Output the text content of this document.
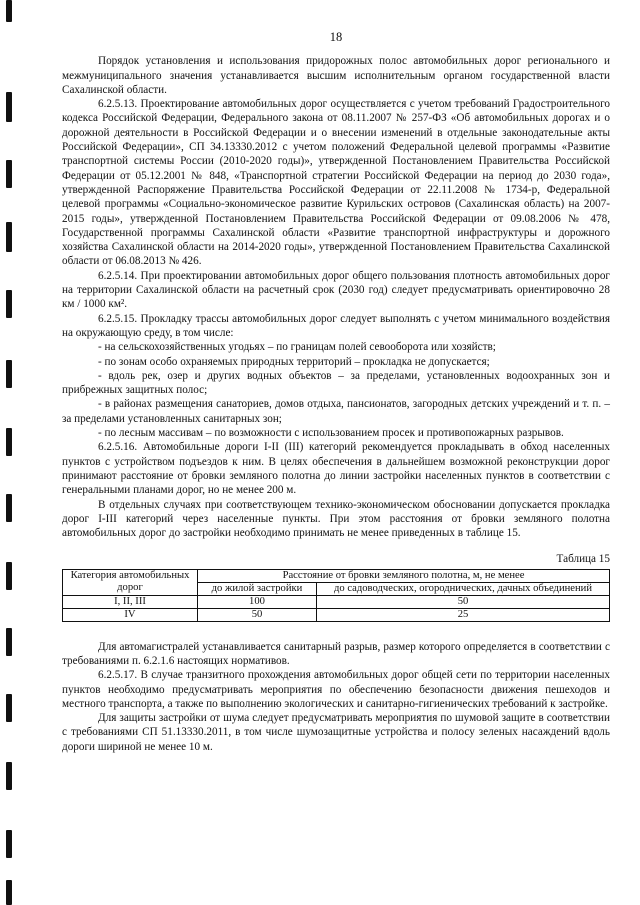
18

Порядок установления и использования придорожных полос автомобильных дорог регионального и межмуниципального значения устанавливается высшим исполнительным органом государственной власти Сахалинской области.

6.2.5.13. Проектирование автомобильных дорог осуществляется с учетом требований Градостроительного кодекса Российской Федерации, Федерального закона от 08.11.2007 № 257-ФЗ «Об автомобильных дорогах и о дорожной деятельности в Российской Федерации и о внесении изменений в отдельные законодательные акты Российской Федерации», СП 34.13330.2012 с учетом положений Федеральной целевой программы «Развитие транспортной системы России (2010-2020 годы)», утвержденной Постановлением Правительства Российской Федерации от 05.12.2001 № 848, «Транспортной стратегии Российской Федерации на период до 2030 года», утвержденной Распоряжение Правительства Российской Федерации от 22.11.2008 № 1734-р, Федеральной целевой программы «Социально-экономическое развитие Курильских островов (Сахалинская область) на 2007-2015 годы», утвержденной Постановлением Правительства Российской Федерации от 09.08.2006 № 478, Государственной программы Сахалинской области «Развитие транспортной инфраструктуры и дорожного хозяйства Сахалинской области на 2014-2020 годы», утвержденной Постановлением Правительства Сахалинской области от 06.08.2013 № 426.

6.2.5.14. При проектировании автомобильных дорог общего пользования плотность автомобильных дорог на территории Сахалинской области на расчетный срок (2030 год) следует предусматривать ориентировочно 28 км / 1000 км².

6.2.5.15. Прокладку трассы автомобильных дорог следует выполнять с учетом минимального воздействия на окружающую среду, в том числе:

- на сельскохозяйственных угодьях – по границам полей севооборота или хозяйств;

- по зонам особо охраняемых природных территорий – прокладка не допускается;

- вдоль рек, озер и других водных объектов – за пределами, установленных водоохранных зон и прибрежных защитных полос;

- в районах размещения санаториев, домов отдыха, пансионатов, загородных детских учреждений и т. п. – за пределами установленных санитарных зон;

- по лесным массивам – по возможности с использованием просек и противопожарных разрывов.

6.2.5.16. Автомобильные дороги I-II (III) категорий рекомендуется прокладывать в обход населенных пунктов с устройством подъездов к ним. В целях обеспечения в дальнейшем возможной реконструкции дорог принимают расстояние от бровки земляного полотна до линии застройки населенных пунктов в соответствии с генеральными планами дорог, но не менее 200 м.

В отдельных случаях при соответствующем технико-экономическом обосновании допускается прокладка дорог I-III категорий через населенные пункты. При этом расстояния от бровки земляного полотна автомобильных дорог до застройки необходимо принимать не менее приведенных в таблице 15.

Таблица 15
Категория автомобильных дорог	Расстояние от бровки земляного полотна, м, не менее	
	до жилой застройки	до садоводческих, огороднических, дачных объединений
I, II, III	100	50
IV	50	25

Для автомагистралей устанавливается санитарный разрыв, размер которого определяется в соответствии с требованиями п. 6.2.1.6 настоящих нормативов.

6.2.5.17. В случае транзитного прохождения автомобильных дорог общей сети по территории населенных пунктов необходимо предусматривать мероприятия по обеспечению безопасности движения пешеходов и местного транспорта, а также по выполнению экологических и санитарно-гигиенических требований к застройке.

Для защиты застройки от шума следует предусматривать мероприятия по шумовой защите в соответствии с требованиями СП 51.13330.2011, в том числе шумозащитные устройства и полосу зеленых насаждений вдоль дороги шириной не менее 10 м.
